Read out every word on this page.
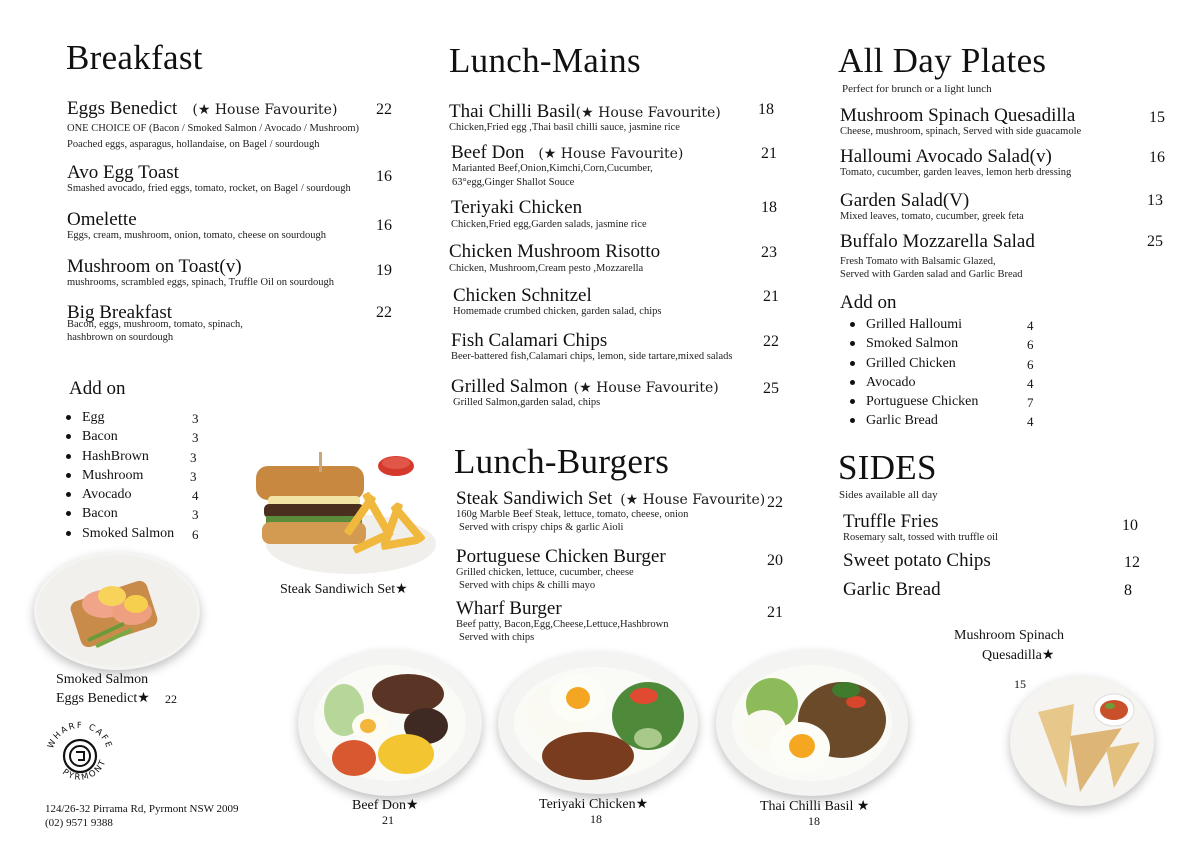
Breakfast
Eggs Benedict (★ House Favourite) 22
ONE CHOICE OF (Bacon / Smoked Salmon / Avocado / Mushroom)
Poached eggs, asparagus, hollandaise, on Bagel / sourdough
Avo Egg Toast	16
Smashed avocado, fried eggs, tomato, rocket, on Bagel / sourdough
Omelette	16
Eggs, cream, mushroom, onion, tomato, cheese on sourdough
Mushroom on Toast(v)	19
mushrooms, scrambled eggs, spinach, Truffle Oil on sourdough
Big Breakfast	22
Bacon, eggs, mushroom, tomato, spinach,
hashbrown on sourdough
Add on
Egg	3
Bacon	3
HashBrown	3
Mushroom	3
Avocado	4
Bacon	3
Smoked Salmon 6
Smoked Salmon
Eggs Benedict★ 22
WHARF CAFE
PYRMONT
124/26-32 Pirrama Rd, Pyrmont NSW 2009
(02) 9571 9388
Steak Sandiwich Set★
Lunch-Mains
Thai Chilli Basil(★ House Favourite) 18
Chicken,Fried egg ,Thai basil chilli sauce, jasmine rice
Beef Don (★ House Favourite)	21
Marianted Beef,Onion,Kimchi,Corn,Cucumber,
63°egg,Ginger Shallot Souce
Teriyaki Chicken	18
Chicken,Fried egg,Garden salads, jasmine rice
Chicken Mushroom Risotto	23
Chicken, Mushroom,Cream pesto ,Mozzarella
Chicken Schnitzel	21
Homemade crumbed chicken, garden salad, chips
Fish Calamari Chips	22
Beer-battered fish,Calamari chips, lemon, side tartare,mixed salads
Grilled Salmon (★ House Favourite)	25
Grilled Salmon,garden salad, chips
Lunch-Burgers
Steak Sandiwich Set (★ House Favourite) 22
160g Marble Beef Steak, lettuce, tomato, cheese, onion
Served with crispy chips & garlic Aioli
Portuguese Chicken Burger	20
Grilled chicken, lettuce, cucumber, cheese
Served with chips & chilli mayo
Wharf Burger	21
Beef patty, Bacon,Egg,Cheese,Lettuce,Hashbrown
Served with chips
Beef Don★
21
Teriyaki Chicken★
18
Thai Chilli Basil ★
18
All Day Plates
Perfect for brunch or a light lunch
Mushroom Spinach Quesadilla	15
Cheese, mushroom, spinach, Served with side guacamole
Halloumi Avocado Salad(v)	16
Tomato, cucumber, garden leaves, lemon herb dressing
Garden Salad(V)	13
Mixed leaves, tomato, cucumber, greek feta
Buffalo Mozzarella Salad	25
Fresh Tomato with Balsamic Glazed,
Served with Garden salad and Garlic Bread
Add on
Grilled Halloumi	4
Smoked Salmon	6
Grilled Chicken	6
Avocado	4
Portuguese Chicken	7
Garlic Bread	4
SIDES
Sides available all day
Truffle Fries	10
Rosemary salt, tossed with truffle oil
Sweet potato Chips	12
Garlic Bread	8
Mushroom Spinach
Quesadilla★
15
